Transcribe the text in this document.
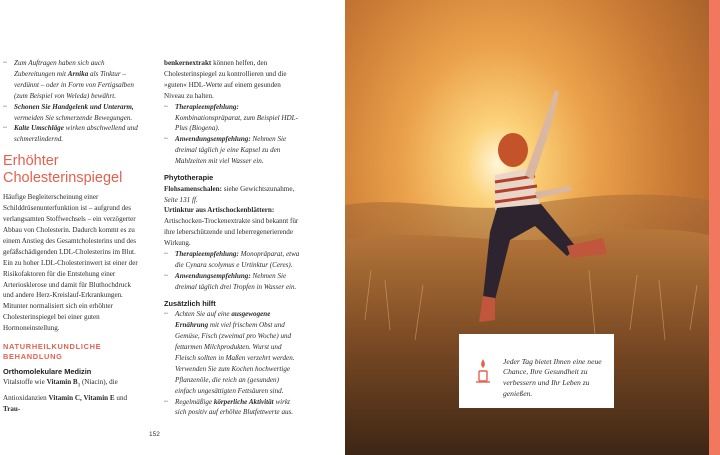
~ Zum Auftragen haben sich auch Zubereitungen mit Arnika als Tinktur – verdünnt – oder in Form von Fertigsalben (zum Beispiel von Weleda) bewährt.
~ Schonen Sie Handgelenk und Unterarm, vermeiden Sie schmerzende Bewegungen.
~ Kalte Umschläge wirken abschwellend und schmerzlindernd.
Erhöhter Cholesterinspiegel
Häufige Begleiterscheinung einer Schilddrüsenunterfunktion ist – aufgrund des verlangsamten Stoffwechsels – ein verzögerter Abbau von Cholesterin. Dadurch kommt es zu einem Anstieg des Gesamtcholesterins und des gefäßschädigenden LDL-Cholesterins im Blut. Ein zu hoher LDL-Cholesterinwert ist einer der Risikofaktoren für die Entstehung einer Arteriosklerose und damit für Bluthochdruck und andere Herz-Kreislauf-Erkrankungen. Mitunter normalisiert sich ein erhöhter Cholesterinspiegel bei einer guten Hormoneinstellung.
NATURHEILKUNDLICHE BEHANDLUNG
Orthomolekulare Medizin
Vitalstoffe wie Vitamin $B_3$ (Niacin), die Antioxidanzien Vitamin C, Vitamin E und Trau-
benkernextrakt können helfen, den Cholesterinspiegel zu kontrollieren und die »guten« HDL-Werte auf einem gesunden Niveau zu halten.
~ Therapieempfehlung: Kombinationspräparat, zum Beispiel HDL-Plus (Biogena).
~ Anwendungsempfehlung: Nehmen Sie dreimal täglich je eine Kapsel zu den Mahlzeiten mit viel Wasser ein.
Phytotherapie
Flohsamenschalen: siehe Gewichtszunahme, Seite 131 ff.
Urtinktur aus Artischockenblättern: Artischocken-Trockenextrakte sind bekannt für ihre leberschützende und leberregenerierende Wirkung.
~ Therapieempfehlung: Monopräparat, etwa die Cynara scolymus e Urtinktur (Ceres).
~ Anwendungsempfehlung: Nehmen Sie dreimal täglich drei Tropfen in Wasser ein.
Zusätzlich hilft
~ Achten Sie auf eine ausgewogene Ernährung mit viel frischem Obst und Gemüse, Fisch (zweimal pro Woche) und fettarmen Milchprodukten. Wurst und Fleisch sollten in Maßen verzehrt werden. Verwenden Sie zum Kochen hochwertige Pflanzenöle, die reich an (gesunden) einfach ungesättigten Fettsäuren sind.
~ Regelmäßige körperliche Aktivität wirkt sich positiv auf erhöhte Blutfettwerte aus.
152
Jeder Tag bietet Ihnen eine neue Chance, Ihre Gesundheit zu verbessern und Ihr Leben zu genießen.
